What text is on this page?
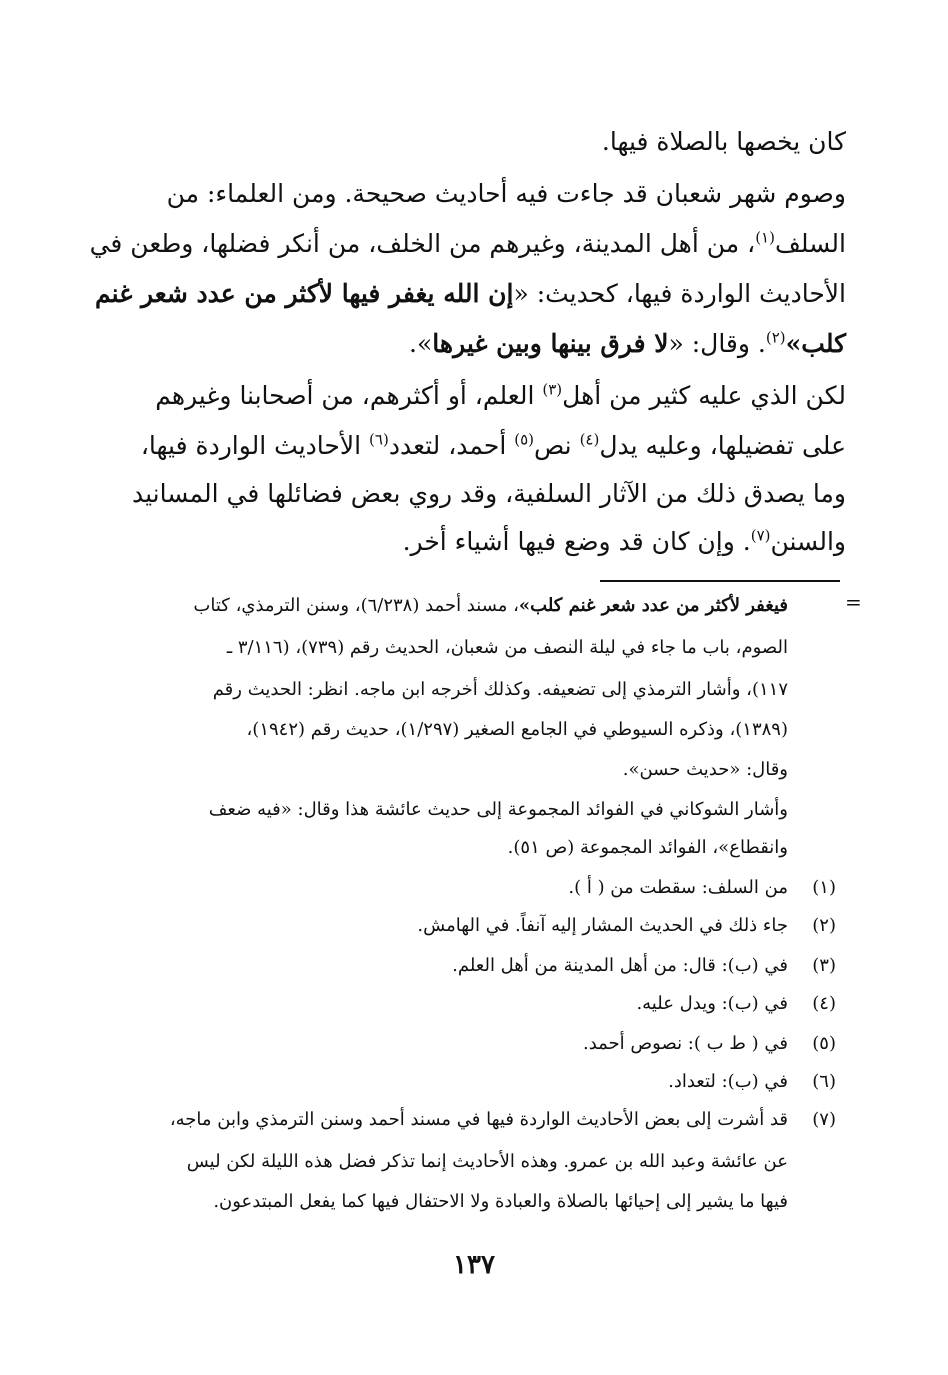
كان يخصها بالصلاة فيها.
وصوم شهر شعبان قد جاءت فيه أحاديث صحيحة. ومن العلماء: من
السلف$^{(١)}$، من أهل المدينة، وغيرهم من الخلف، من أنكر فضلها، وطعن في
الأحاديث الواردة فيها، كحديث: «إن الله يغفر فيها لأكثر من عدد شعر غنم
كلب»$^{(٢)}$. وقال: «لا فرق بينها وبين غيرها».
لكن الذي عليه كثير من أهل$^{(٣)}$ العلم، أو أكثرهم، من أصحابنا وغيرهم
على تفضيلها، وعليه يدل$^{(٤)}$ نص$^{(٥)}$ أحمد، لتعدد$^{(٦)}$ الأحاديث الواردة فيها،
وما يصدق ذلك من الآثار السلفية، وقد روي بعض فضائلها في المسانيد
والسنن$^{(٧)}$. وإن كان قد وضع فيها أشياء أخر.
=
فيغفر لأكثر من عدد شعر غنم كلب»، مسند أحمد (٦/٢٣٨)، وسنن الترمذي، كتاب
الصوم، باب ما جاء في ليلة النصف من شعبان، الحديث رقم (٧٣٩)، (٣/١١٦ ـ
١١٧)، وأشار الترمذي إلى تضعيفه. وكذلك أخرجه ابن ماجه. انظر: الحديث رقم
(١٣٨٩)، وذكره السيوطي في الجامع الصغير (١/٢٩٧)، حديث رقم (١٩٤٢)،
وقال: «حديث حسن».
وأشار الشوكاني في الفوائد المجموعة إلى حديث عائشة هذا وقال: «فيه ضعف
وانقطاع»، الفوائد المجموعة (ص ٥١).
(١)
من السلف: سقطت من ( أ ).
(٢)
جاء ذلك في الحديث المشار إليه آنفاً. في الهامش.
(٣)
في (ب): قال: من أهل المدينة من أهل العلم.
(٤)
في (ب): ويدل عليه.
(٥)
في ( ط ب ): نصوص أحمد.
(٦)
في (ب): لتعداد.
(٧)
قد أشرت إلى بعض الأحاديث الواردة فيها في مسند أحمد وسنن الترمذي وابن ماجه،
عن عائشة وعبد الله بن عمرو. وهذه الأحاديث إنما تذكر فضل هذه الليلة لكن ليس
فيها ما يشير إلى إحيائها بالصلاة والعبادة ولا الاحتفال فيها كما يفعل المبتدعون.
١٣٧
